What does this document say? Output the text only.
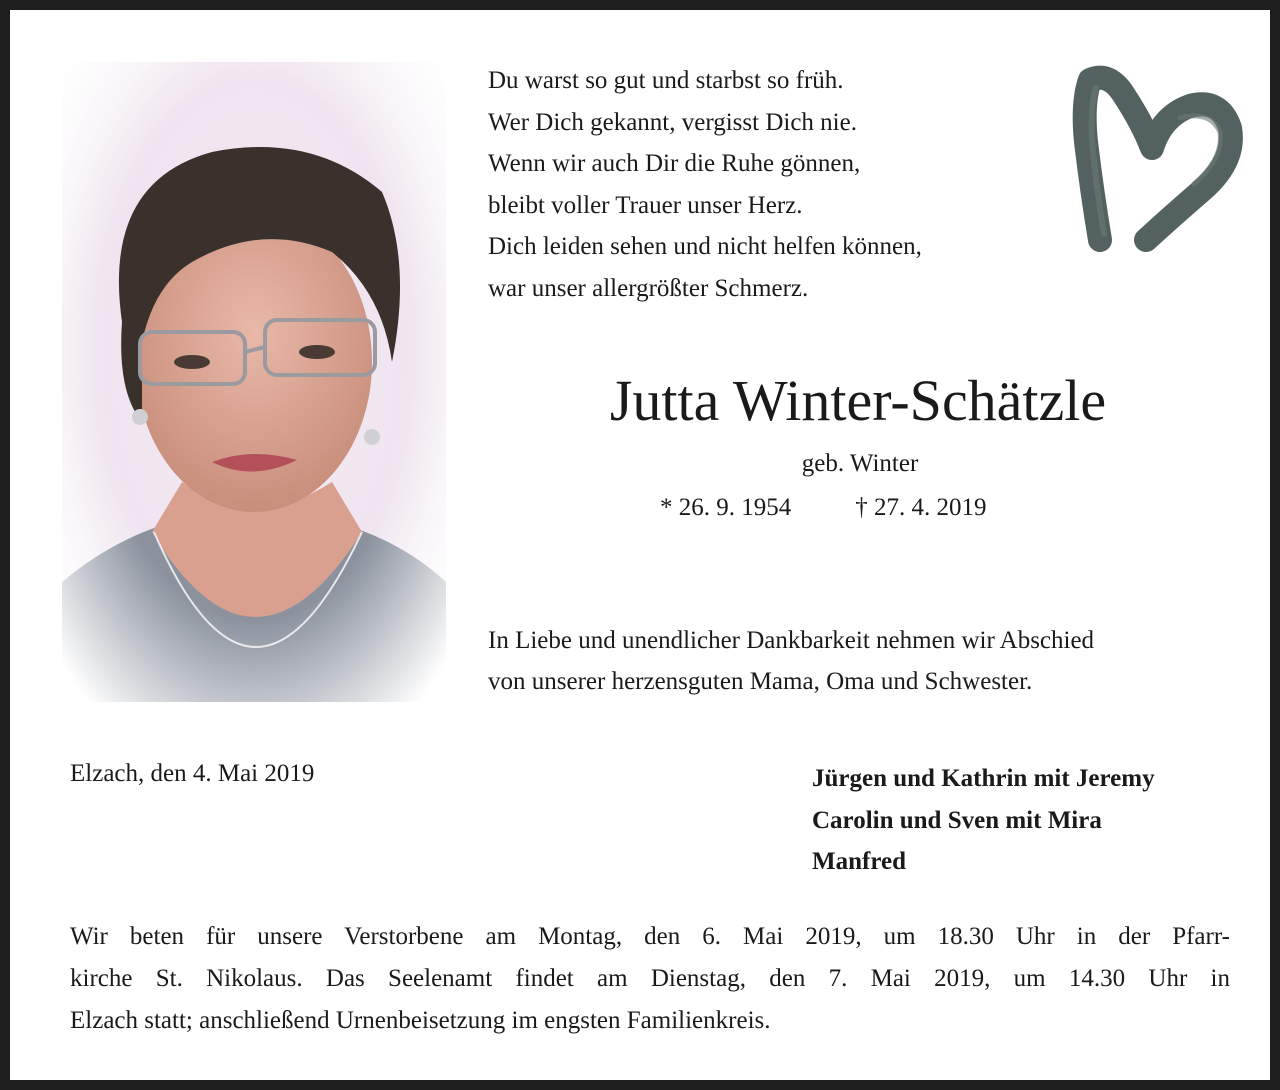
Du warst so gut und starbst so früh.
Wer Dich gekannt, vergisst Dich nie.
Wenn wir auch Dir die Ruhe gönnen,
bleibt voller Trauer unser Herz.
Dich leiden sehen und nicht helfen können,
war unser allergrößter Schmerz.
Jutta Winter-Schätzle
geb. Winter
* 26. 9. 1954	† 27. 4. 2019
In Liebe und unendlicher Dankbarkeit nehmen wir Abschied
von unserer herzensguten Mama, Oma und Schwester.
Elzach, den 4. Mai 2019	Jürgen und Kathrin mit Jeremy
Carolin und Sven mit Mira
Manfred
Wir beten für unsere Verstorbene am Montag, den 6. Mai 2019, um 18.30 Uhr in der Pfarr-
kirche St. Nikolaus. Das Seelenamt findet am Dienstag, den 7. Mai 2019, um 14.30 Uhr in
Elzach statt; anschließend Urnenbeisetzung im engsten Familienkreis.
